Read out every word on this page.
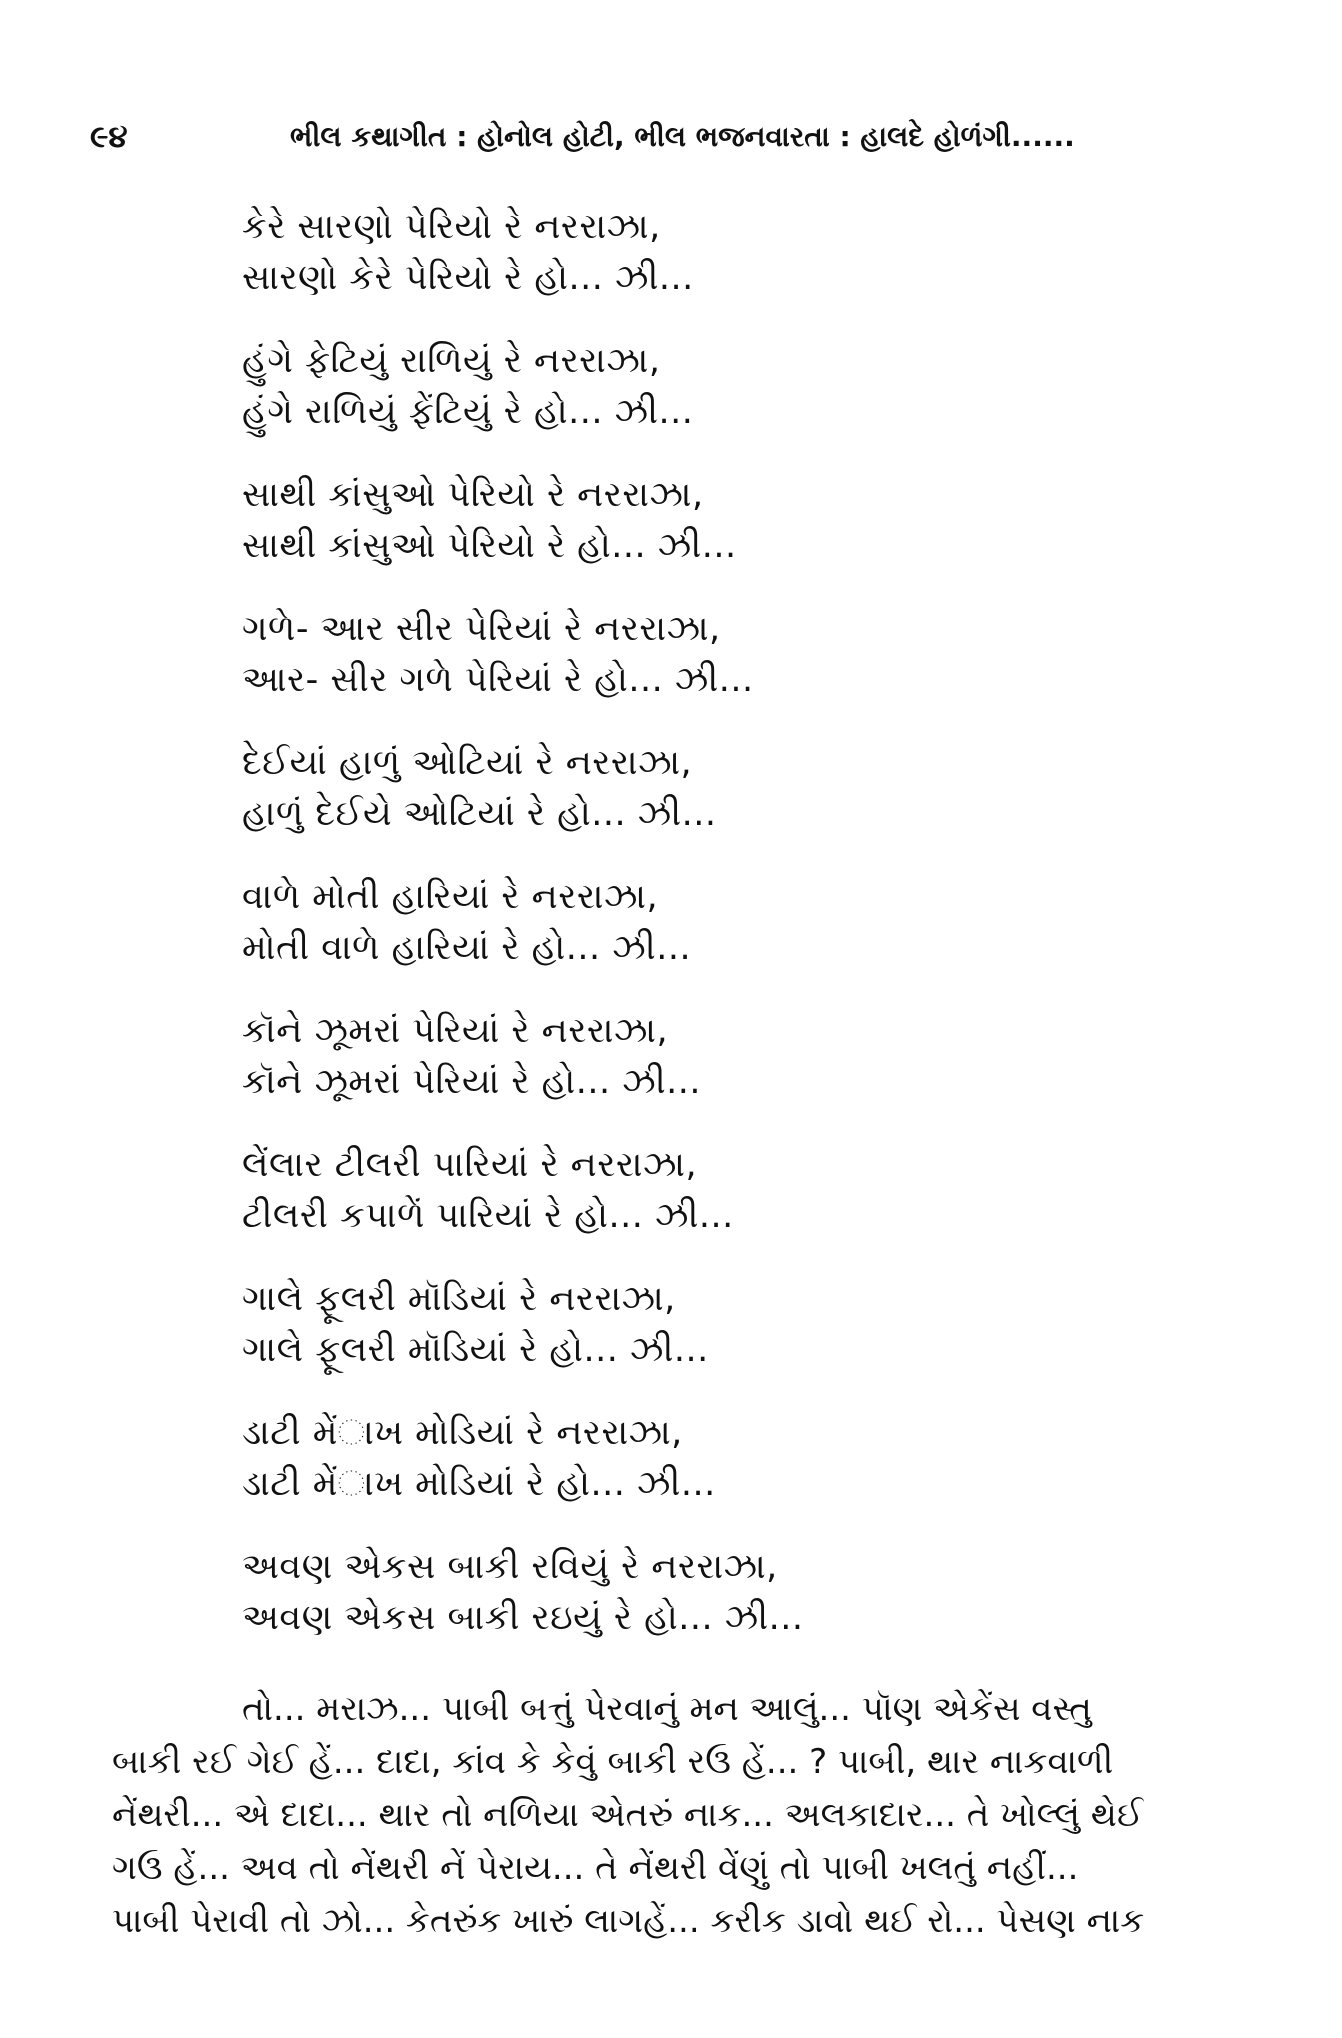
૯૪	ભીલ કથાગીત : હોનોલ હોટી, ભીલ ભજનવારતા : હાલદે હોળંગી......
કેરે સારણો પેરિયો રે નરરાઝા,
સારણો કેરે પેરિયો રે હો... ઝી...
હુંગે ફેટિયું રાળિયું રે નરરાઝા,
હુંગે રાળિયું ફેંટિયું રે હો... ઝી...
સાથી કાંસુઓ પેરિયો રે નરરાઝા,
સાથી કાંસુઓ પેરિયો રે હો... ઝી...
ગળે- આર સીર પેરિયાં રે નરરાઝા,
આર- સીર ગળે પેરિયાં રે હો... ઝી...
દેઈયાં હાળું ઓટિયાં રે નરરાઝા,
હાળું દેઈયે ઓટિયાં રે હો... ઝી...
વાળે મોતી હારિયાં રે નરરાઝા,
મોતી વાળે હારિયાં રે હો... ઝી...
કૉને ઝૂમરાં પેરિયાં રે નરરાઝા,
કૉને ઝૂમરાં પેરિયાં રે હો... ઝી...
લેંલાર ટીલરી પારિયાં રે નરરાઝા,
ટીલરી કપાળેં પારિયાં રે હો... ઝી...
ગાલે ફૂલરી મૉડિયાં રે નરરાઝા,
ગાલે ફૂલરી મૉડિયાં રે હો... ઝી...
ડાટી મેંાખ મોડિયાં રે નરરાઝા,
ડાટી મેંાખ મોડિયાં રે હો... ઝી...
અવણ એકસ બાકી રવિયું રે નરરાઝા,
અવણ એકસ બાકી રઇયું રે હો... ઝી...
તો... મરાઝ... પાબી બત્તું પેરવાનું મન આલું... પૉણ એકેંસ વસ્તુ
બાકી રઈ ગેઈ હેં... દાદા, કાંવ કે કેવું બાકી રઉ હેં... ? પાબી, થાર નાકવાળી
નેંથરી... એ દાદા... થાર તો નળિયા એતરું નાક... અલકાદાર... તે ખોલ્લું થેઈ
ગઉ હેં... અવ તો નેંથરી નેં પેરાય... તે નેંથરી વેંણું તો પાબી ખલતું નહીં...
પાબી પેરાવી તો ઝો... કેતરુંક ખારું લાગહેં... કરીક ડાવો થઈ રો... પેસણ નાક
